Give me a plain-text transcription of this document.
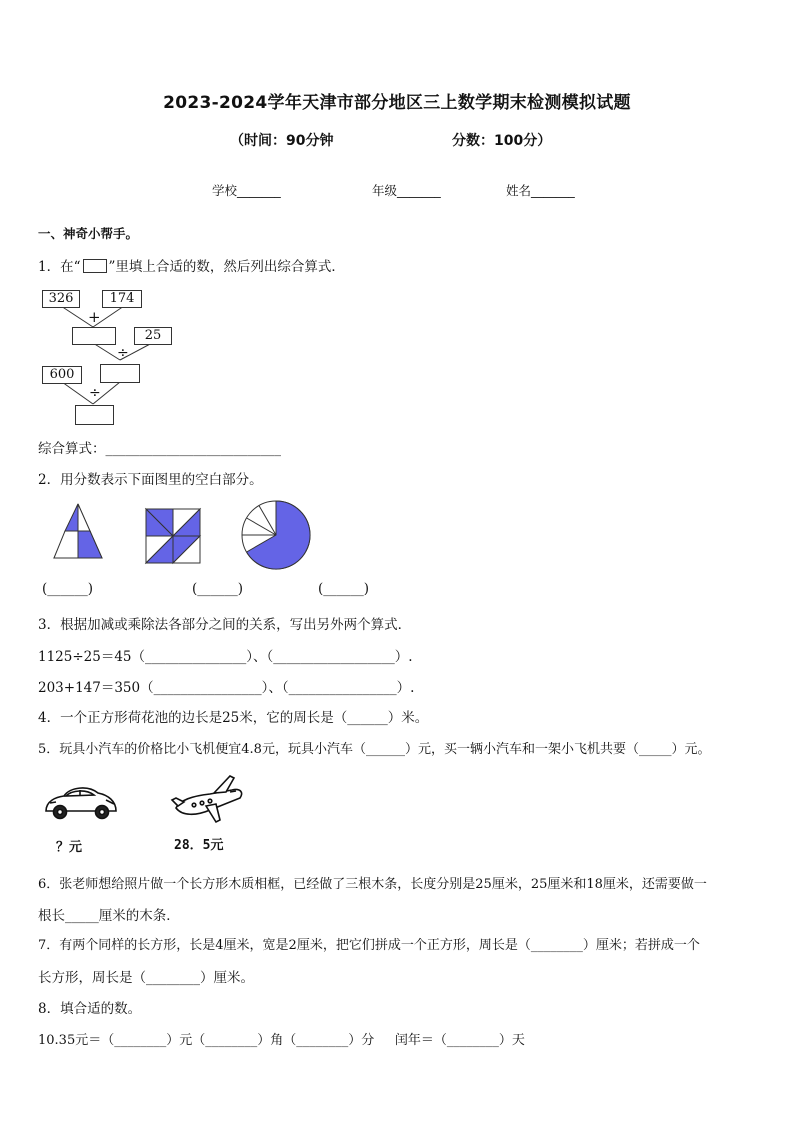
2023-2024学年天津市部分地区三上数学期末检测模拟试题
（时间：90分钟	分数：100分）
学校_______	年级_______	姓名_______
一、神奇小帮手。
1．在“ ”里填上合适的数，然后列出综合算式．
326	174
+
25
÷
600
÷
综合算式：__________________________
2．用分数表示下面图里的空白部分。
(______)	(______)	(______)
3．根据加减或乘除法各部分之间的关系，写出另外两个算式．
1125÷25＝45（_______________）、（__________________）.
203+147＝350（________________）、（________________）.
4．一个正方形荷花池的边长是25米，它的周长是（______）米。
5．玩具小汽车的价格比小飞机便宜4.8元，玩具小汽车（______）元，买一辆小汽车和一架小飞机共要（_____）元。
？元	28．5元
6．张老师想给照片做一个长方形木质相框，已经做了三根木条，长度分别是25厘米，25厘米和18厘米，还需要做一
根长_____厘米的木条．
7．有两个同样的长方形，长是4厘米，宽是2厘米，把它们拼成一个正方形，周长是（________）厘米；若拼成一个
长方形，周长是（________）厘米。
8．填合适的数。
10.35元＝（________）元（________）角（________）分     闰年＝（________）天
